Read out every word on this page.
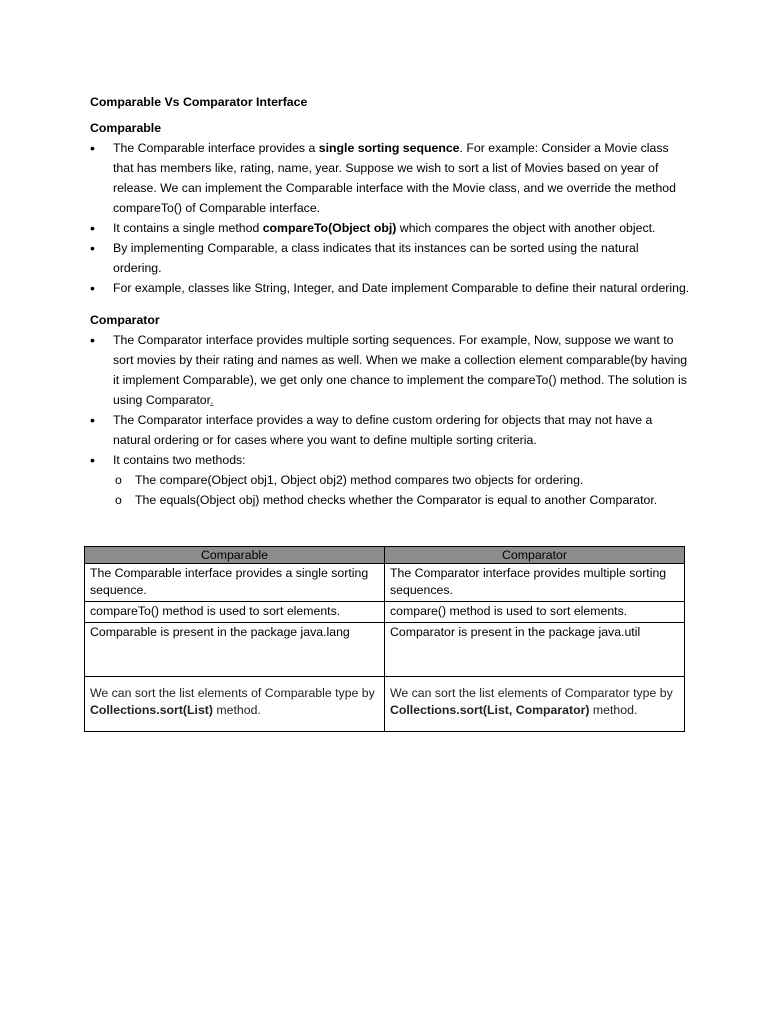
Comparable Vs Comparator Interface
Comparable
• The Comparable interface provides a single sorting sequence. For example: Consider a Movie class that has members like, rating, name, year. Suppose we wish to sort a list of Movies based on year of release. We can implement the Comparable interface with the Movie class, and we override the method compareTo() of Comparable interface.
• It contains a single method compareTo(Object obj) which compares the object with another object.
• By implementing Comparable, a class indicates that its instances can be sorted using the natural ordering.
• For example, classes like String, Integer, and Date implement Comparable to define their natural ordering.
Comparator
• The Comparator interface provides multiple sorting sequences. For example, Now, suppose we want to sort movies by their rating and names as well. When we make a collection element comparable(by having it implement Comparable), we get only one chance to implement the compareTo() method. The solution is using Comparator.
• The Comparator interface provides a way to define custom ordering for objects that may not have a natural ordering or for cases where you want to define multiple sorting criteria.
• It contains two methods:
o The compare(Object obj1, Object obj2) method compares two objects for ordering.
o The equals(Object obj) method checks whether the Comparator is equal to another Comparator.
Comparable	Comparator
The Comparable interface provides a single sorting sequence.	The Comparator interface provides multiple sorting sequences.
compareTo() method is used to sort elements.	compare() method is used to sort elements.
Comparable is present in the package java.lang	Comparator is present in the package java.util
We can sort the list elements of Comparable type by Collections.sort(List) method.	We can sort the list elements of Comparator type by Collections.sort(List, Comparator) method.
